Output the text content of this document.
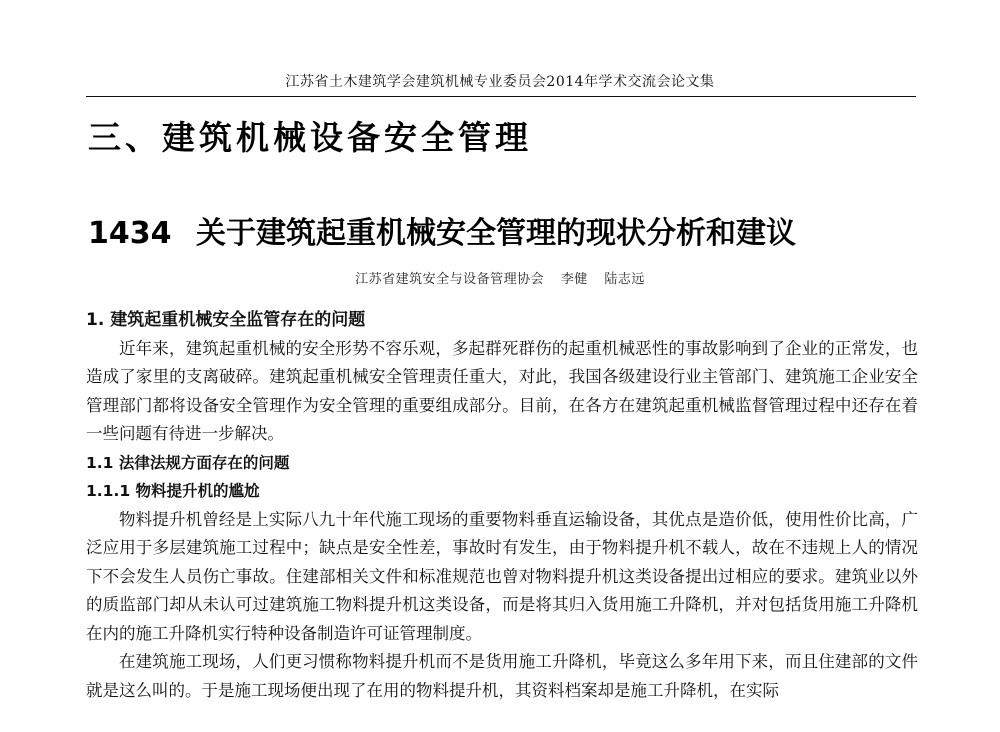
江苏省土木建筑学会建筑机械专业委员会2014年学术交流会论文集
三、建筑机械设备安全管理
1434 关于建筑起重机械安全管理的现状分析和建议
江苏省建筑安全与设备管理协会 李健 陆志远

1. 建筑起重机械安全监管存在的问题

近年来，建筑起重机械的安全形势不容乐观，多起群死群伤的起重机械恶性的事故影响到了企业的正常发，也造成了家里的支离破碎。建筑起重机械安全管理责任重大，对此，我国各级建设行业主管部门、建筑施工企业安全管理部门都将设备安全管理作为安全管理的重要组成部分。目前，在各方在建筑起重机械监督管理过程中还存在着一些问题有待进一步解决。

1.1 法律法规方面存在的问题

1.1.1 物料提升机的尴尬

物料提升机曾经是上实际八九十年代施工现场的重要物料垂直运输设备，其优点是造价低，使用性价比高，广泛应用于多层建筑施工过程中；缺点是安全性差，事故时有发生，由于物料提升机不载人，故在不违规上人的情况下不会发生人员伤亡事故。住建部相关文件和标准规范也曾对物料提升机这类设备提出过相应的要求。建筑业以外的质监部门却从未认可过建筑施工物料提升机这类设备，而是将其归入货用施工升降机，并对包括货用施工升降机在内的施工升降机实行特种设备制造许可证管理制度。

在建筑施工现场，人们更习惯称物料提升机而不是货用施工升降机，毕竟这么多年用下来，而且住建部的文件就是这么叫的。于是施工现场便出现了在用的物料提升机，其资料档案却是施工升降机，在实际
